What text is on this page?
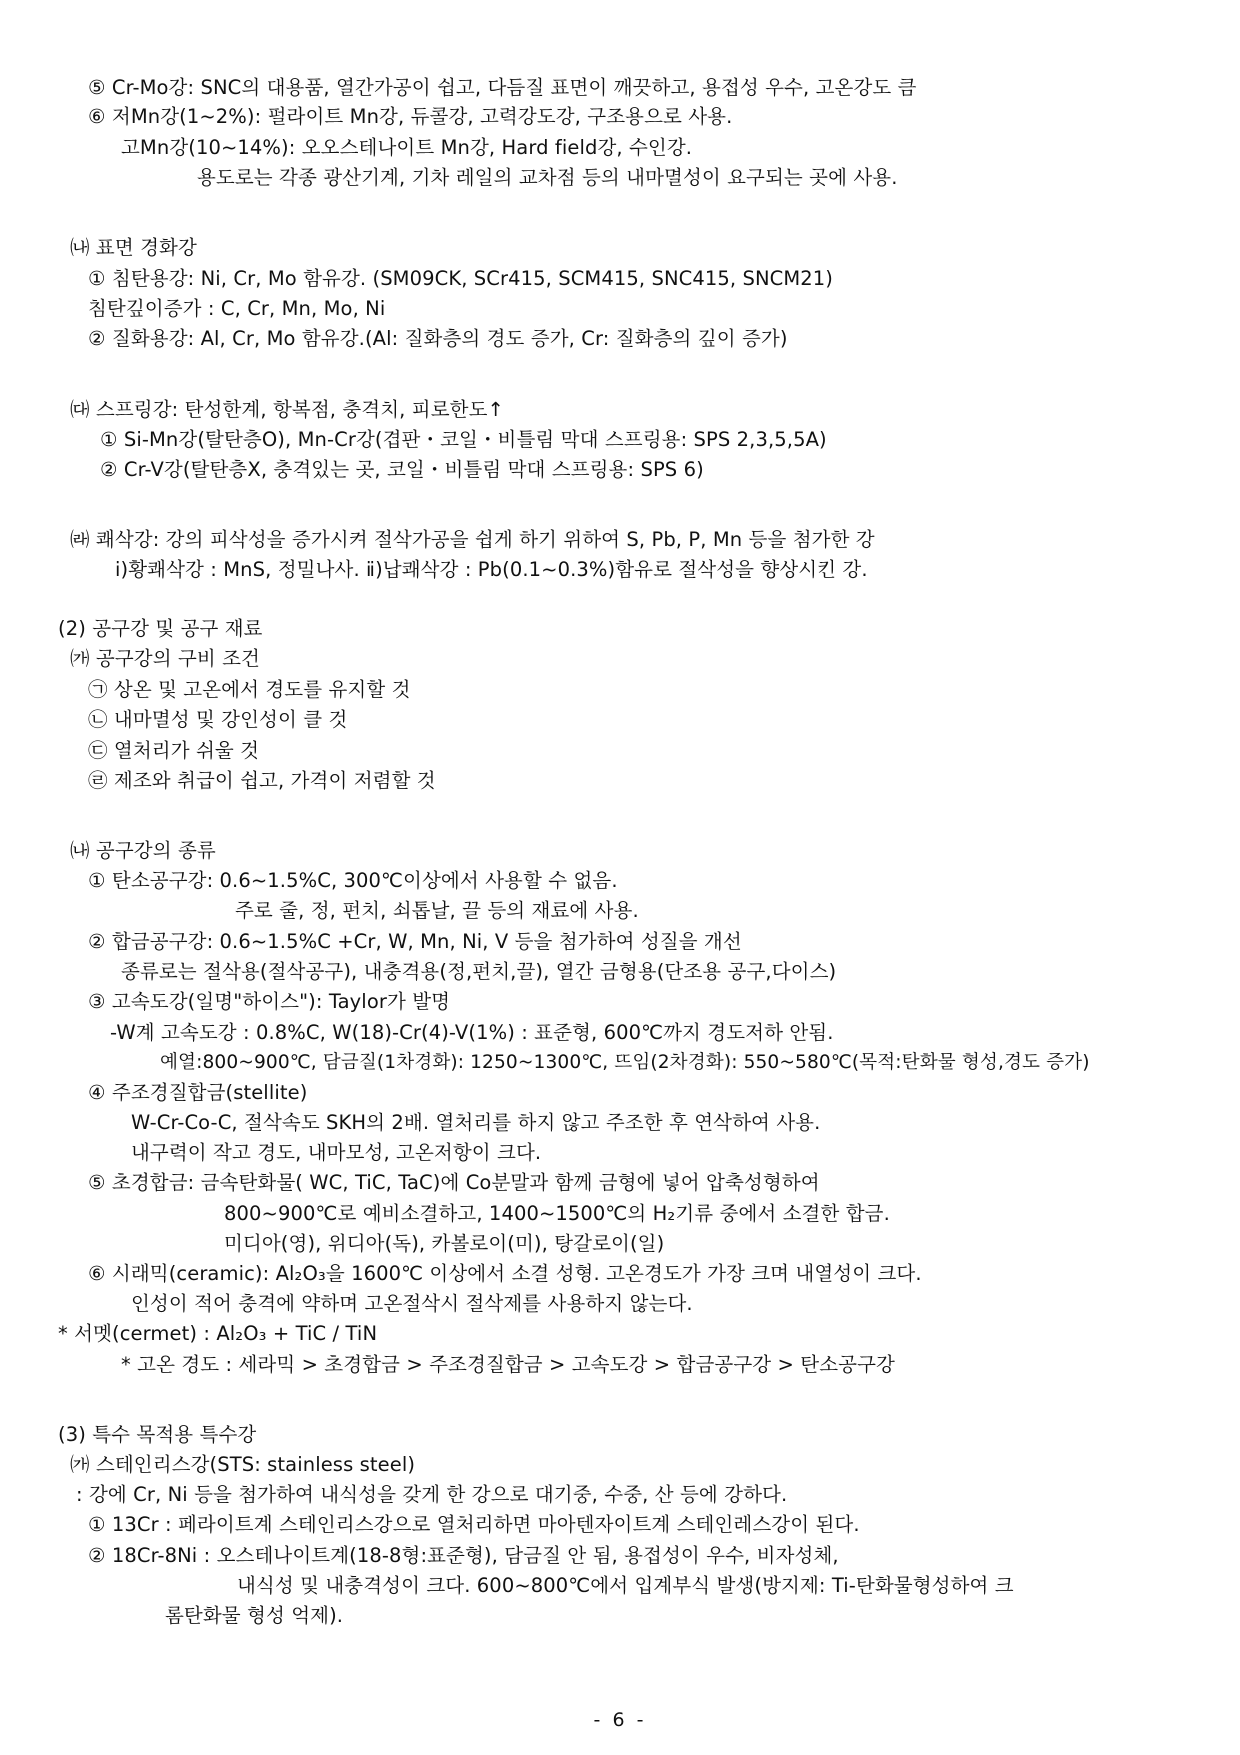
⑤ Cr-Mo강: SNC의 대용품, 열간가공이 쉽고, 다듬질 표면이 깨끗하고, 용접성 우수, 고온강도 큼
⑥ 저Mn강(1~2%): 펄라이트 Mn강, 듀콜강, 고력강도강, 구조용으로 사용.
고Mn강(10~14%): 오오스테나이트 Mn강, Hard field강, 수인강.
용도로는 각종 광산기계, 기차 레일의 교차점 등의 내마멸성이 요구되는 곳에 사용.
㈏ 표면 경화강
① 침탄용강: Ni, Cr, Mo 함유강. (SM09CK, SCr415, SCM415, SNC415, SNCM21)
침탄깊이증가 : C, Cr, Mn, Mo, Ni
② 질화용강: Al, Cr, Mo 함유강.(Al: 질화층의 경도 증가, Cr: 질화층의 깊이 증가)
㈐ 스프링강: 탄성한계, 항복점, 충격치, 피로한도↑
① Si-Mn강(탈탄층O), Mn-Cr강(겹판・코일・비틀림 막대 스프링용: SPS 2,3,5,5A)
② Cr-V강(탈탄층X, 충격있는 곳, 코일・비틀림 막대 스프링용: SPS 6)
㈑ 쾌삭강: 강의 피삭성을 증가시켜 절삭가공을 쉽게 하기 위하여 S, Pb, P, Mn 등을 첨가한 강
ⅰ)황쾌삭강 : MnS, 정밀나사. ⅱ)납쾌삭강 : Pb(0.1~0.3%)함유로 절삭성을 향상시킨 강.
(2) 공구강 및 공구 재료
㈎ 공구강의 구비 조건
㉠ 상온 및 고온에서 경도를 유지할 것
㉡ 내마멸성 및 강인성이 클 것
㉢ 열처리가 쉬울 것
㉣ 제조와 취급이 쉽고, 가격이 저렴할 것
㈏ 공구강의 종류
① 탄소공구강: 0.6~1.5%C, 300℃이상에서 사용할 수 없음.
주로 줄, 정, 펀치, 쇠톱날, 끌 등의 재료에 사용.
② 합금공구강: 0.6~1.5%C +Cr, W, Mn, Ni, V 등을 첨가하여 성질을 개선
종류로는 절삭용(절삭공구), 내충격용(정,펀치,끌), 열간 금형용(단조용 공구,다이스)
③ 고속도강(일명"하이스"): Taylor가 발명
-W계 고속도강 : 0.8%C, W(18)-Cr(4)-V(1%) : 표준형, 600℃까지 경도저하 안됨.
예열:800~900℃, 담금질(1차경화): 1250~1300℃, 뜨임(2차경화): 550~580℃(목적:탄화물 형성,경도 증가)
④ 주조경질합금(stellite)
W-Cr-Co-C, 절삭속도 SKH의 2배. 열처리를 하지 않고 주조한 후 연삭하여 사용.
내구력이 작고 경도, 내마모성, 고온저항이 크다.
⑤ 초경합금: 금속탄화물( WC, TiC, TaC)에 Co분말과 함께 금형에 넣어 압축성형하여
800~900℃로 예비소결하고, 1400~1500℃의 H₂기류 중에서 소결한 합금.
미디아(영), 위디아(독), 카볼로이(미), 탕갈로이(일)
⑥ 시래믹(ceramic): Al₂O₃을 1600℃ 이상에서 소결 성형. 고온경도가 가장 크며 내열성이 크다.
인성이 적어 충격에 약하며 고온절삭시 절삭제를 사용하지 않는다.
* 서멧(cermet) : Al₂O₃ + TiC / TiN
* 고온 경도 : 세라믹 > 초경합금 > 주조경질합금 > 고속도강 > 합금공구강 > 탄소공구강
(3) 특수 목적용 특수강
㈎ 스테인리스강(STS: stainless steel)
: 강에 Cr, Ni 등을 첨가하여 내식성을 갖게 한 강으로 대기중, 수중, 산 등에 강하다.
① 13Cr : 페라이트계 스테인리스강으로 열처리하면 마아텐자이트계 스테인레스강이 된다.
② 18Cr-8Ni : 오스테나이트계(18-8형:표준형), 담금질 안 됨, 용접성이 우수, 비자성체,
내식성 및 내충격성이 크다. 600~800℃에서 입계부식 발생(방지제: Ti-탄화물형성하여 크
롬탄화물 형성 억제).
- 6 -
